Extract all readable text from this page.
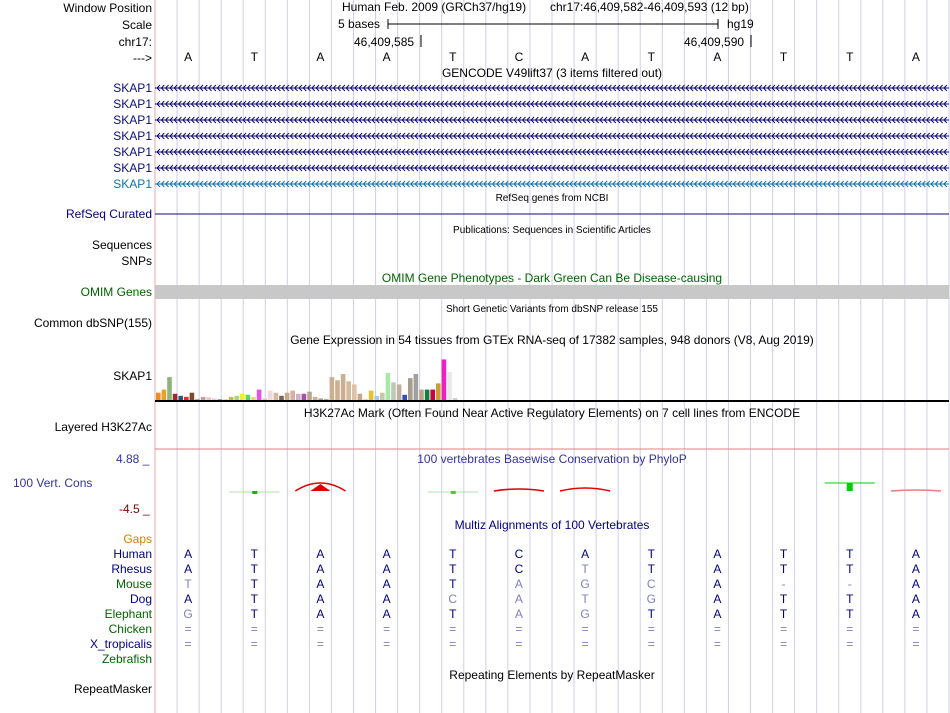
Window Position
Scale
chr17:
--->
Human Feb. 2009 (GRCh37/hg19) chr17:46,409,582-46,409,593 (12 bp)
5 bases	hg19
46,409,585	46,409,590
A	T	A	A	T	C	A	T	A	T	T	A
GENCODE V49lift37 (3 items filtered out)
SKAP1
SKAP1
SKAP1
SKAP1
SKAP1
SKAP1
SKAP1
RefSeq genes from NCBI
RefSeq Curated
Publications: Sequences in Scientific Articles
Sequences
SNPs
OMIM Gene Phenotypes - Dark Green Can Be Disease-causing
OMIM Genes
Short Genetic Variants from dbSNP release 155
Common dbSNP(155)
Gene Expression in 54 tissues from GTEx RNA-seq of 17382 samples, 948 donors (V8, Aug 2019)
SKAP1
H3K27Ac Mark (Often Found Near Active Regulatory Elements) on 7 cell lines from ENCODE
Layered H3K27Ac
100 vertebrates Basewise Conservation by PhyloP
4.88 _
100 Vert. Cons
-4.5 _
Multiz Alignments of 100 Vertebrates
Gaps
Human	A	T	A	A	T	C	A	T	A	T	T	A
Rhesus	A	T	A	A	T	C	T	T	A	T	T	A
Mouse	T	T	A	A	T	A	G	C	A	-	-	A
Dog	A	T	A	A	C	A	T	G	A	T	T	A
Elephant	G	T	A	A	T	A	G	T	A	T	T	A
Chicken	=	=	=	=	=	=	=	=	=	=	=	=
X_tropicalis	=	=	=	=	=	=	=	=	=	=	=	=
Zebrafish
Repeating Elements by RepeatMasker
RepeatMasker
